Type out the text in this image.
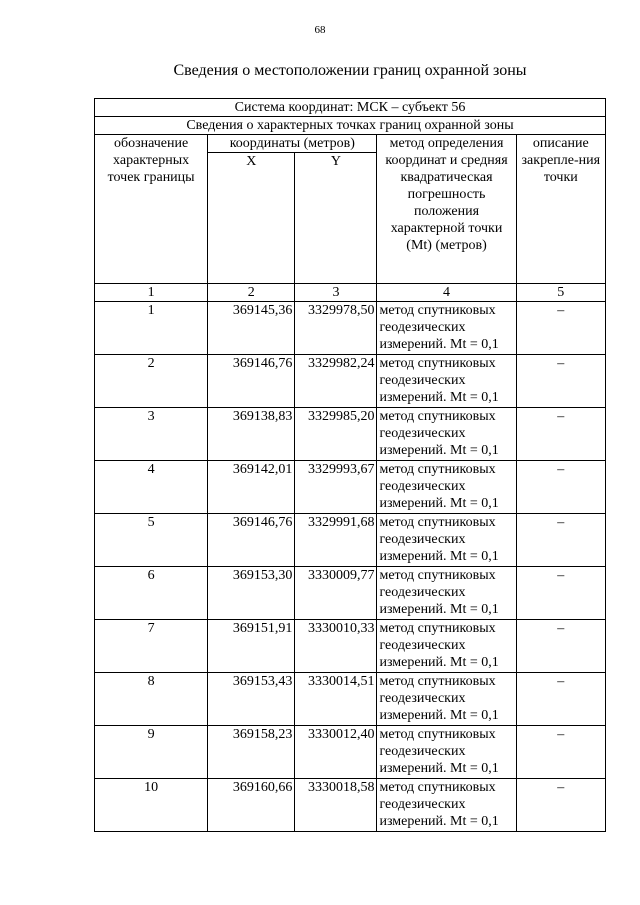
68
Сведения о местоположении границ охранной зоны
Система координат: МСК – субъект 56				
Сведения о характерных точках границ охранной зоны				
обозначение характерных точек границы	координаты (метров)		метод определения координат и средняя квадратическая погрешность положения характерной точки (Mt) (метров)	описание закрепле-ния точки
	X	Y		
1	2	3	4	5
1	369145,36	3329978,50	метод спутниковых геодезических измерений. Mt = 0,1	–
2	369146,76	3329982,24	метод спутниковых геодезических измерений. Mt = 0,1	–
3	369138,83	3329985,20	метод спутниковых геодезических измерений. Mt = 0,1	–
4	369142,01	3329993,67	метод спутниковых геодезических измерений. Mt = 0,1	–
5	369146,76	3329991,68	метод спутниковых геодезических измерений. Mt = 0,1	–
6	369153,30	3330009,77	метод спутниковых геодезических измерений. Mt = 0,1	–
7	369151,91	3330010,33	метод спутниковых геодезических измерений. Mt = 0,1	–
8	369153,43	3330014,51	метод спутниковых геодезических измерений. Mt = 0,1	–
9	369158,23	3330012,40	метод спутниковых геодезических измерений. Mt = 0,1	–
10	369160,66	3330018,58	метод спутниковых геодезических измерений. Mt = 0,1	–
